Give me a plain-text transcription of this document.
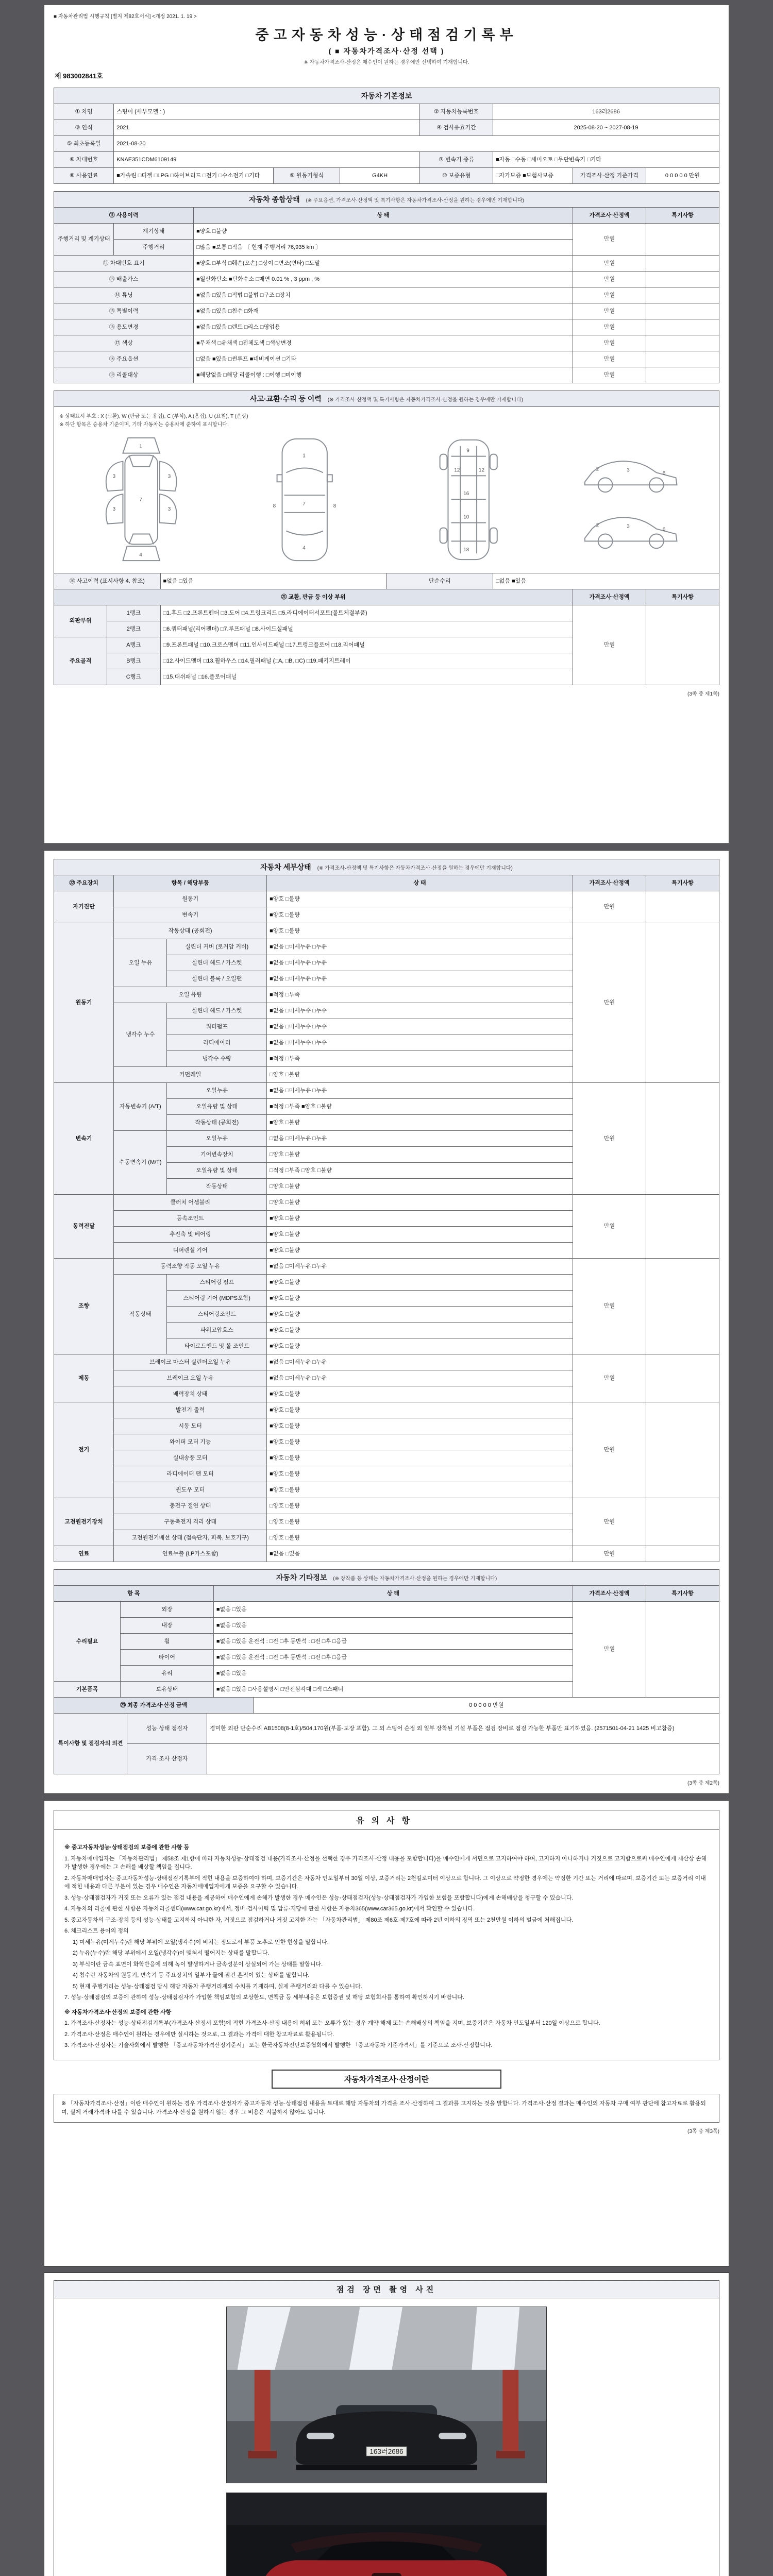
■ 자동차관리법 시행규칙 [별지 제82호서식] <개정 2021. 1. 19.>
중고자동차성능·상태점검기록부
( ■ 자동차가격조사·산정 선택 )
※ 자동차가격조사·산정은 매수인이 원하는 경우에만 선택하여 기재합니다.
제 983002841호
자동차 기본정보
① 차명	스팅어 (세부모델 : )			② 자동차등록번호	163러2686		
③ 연식	2021			④ 검사유효기간	2025-08-20 ~ 2027-08-19		
⑤ 최초등록일	2021-08-20						
⑥ 차대번호	KNAE351CDM6109149			⑦ 변속기 종류	■자동 □수동 □세미오토 □무단변속기 □기타		
⑧ 사용연료	■가솔린 □디젤 □LPG □하이브리드 □전기 □수소전기 □기타	⑨ 원동기형식	G4KH	⑩ 보증유형	□자가보증 ■보험사보증	가격조사·산정 기준가격	0 0 0 0 0 만원
자동차 종합상태 (※ 주요옵션, 가격조사·산정액 및 특기사항은 자동차가격조사·산정을 원하는 경우에만 기재합니다)
⑪ 사용이력		상 태	가격조사·산정액	특기사항
주행거리 및 계기상태	계기상태	■양호 □불량	만원	
	주행거리	□많음 ■보통 □적음 〔 현재 주행거리 76,935 km 〕		
⑫ 차대번호 표기		■양호 □부식 □훼손(오손) □상이 □변조(변타) □도말	만원	
⑬ 배출가스		■일산화탄소 ■탄화수소 □매연 0.01 % , 3 ppm , %	만원	
⑭ 튜닝		■없음 □있음 □적법 □불법 □구조 □장치	만원	
⑮ 특별이력		■없음 □있음 □침수 □화재	만원	
⑯ 용도변경		■없음 □있음 □렌트 □리스 □영업용	만원	
⑰ 색상		■무채색 □유채색 □전체도색 □색상변경	만원	
⑱ 주요옵션		□없음 ■있음 □썬루프 ■네비게이션 □기타	만원	
⑲ 리콜대상		■해당없음 □해당 리콜이행 : □이행 □미이행	만원	
사고·교환·수리 등 이력 (※ 가격조사·산정액 및 특기사항은 자동차가격조사·산정을 원하는 경우에만 기재합니다)
※ 상태표시 부호 : X (교환), W (판금 또는 용접), C (부식), A (흠집), U (요철), T (손상)
※ 하단 항목은 승용차 기준이며, 기타 자동차는 승용차에 준하여 표시합니다.
1
3	3
3	3
4
7
1
7
4
8	8
9
12	12
16
10
18
3
2
6
3
2
6
⑳ 사고이력 (표시사항 4. 참조)	■없음 □있음	단순수리	□없음 ■있음
㉑ 교환, 판금 등 이상 부위			가격조사·산정액	특기사항
외판부위	1랭크	□1.후드 □2.프론트펜더 □3.도어 □4.트렁크리드 □5.라디에이터서포트(볼트체결부품)	만원	
	2랭크	□6.쿼터패널(리어펜더) □7.루프패널 □8.사이드실패널		
주요골격	A랭크	□9.프론트패널 □10.크로스멤버 □11.인사이드패널 □17.트렁크플로어 □18.리어패널		
	B랭크	□12.사이드멤버 □13.휠하우스 □14.필러패널 (□A, □B, □C) □19.패키지트레이		
	C랭크	□15.대쉬패널 □16.플로어패널		
(3쪽 중 제1쪽)
자동차 세부상태 (※ 가격조사·산정액 및 특기사항은 자동차가격조사·산정을 원하는 경우에만 기재합니다)
㉒ 주요장치	항목 / 해당부품		상 태	가격조사·산정액	특기사항
자기진단	원동기		■양호 □불량	만원	
	변속기		■양호 □불량		
원동기	작동상태 (공회전)		■양호 □불량	만원	
	오일 누유	실린더 커버 (로커암 커버)	■없음 □미세누유 □누유		
		실린더 헤드 / 가스켓	■없음 □미세누유 □누유		
		실린더 블록 / 오일팬	■없음 □미세누유 □누유		
	오일 유량		■적정 □부족		
	냉각수 누수	실린더 헤드 / 가스켓	■없음 □미세누수 □누수		
		워터펌프	■없음 □미세누수 □누수		
		라디에이터	■없음 □미세누수 □누수		
		냉각수 수량	■적정 □부족		
	커먼레일		□양호 □불량		
변속기	자동변속기 (A/T)	오일누유	■없음 □미세누유 □누유	만원	
		오일유량 및 상태	■적정 □부족 ■양호 □불량		
		작동상태 (공회전)	■양호 □불량		
	수동변속기 (M/T)	오일누유	□없음 □미세누유 □누유		
		기어변속장치	□양호 □불량		
		오일유량 및 상태	□적정 □부족 □양호 □불량		
		작동상태	□양호 □불량		
동력전달	클러치 어셈블리		□양호 □불량	만원	
	등속조인트		■양호 □불량		
	추진축 및 베어링		■양호 □불량		
	디퍼렌셜 기어		■양호 □불량		
조향	동력조향 작동 오일 누유		■없음 □미세누유 □누유	만원	
	작동상태	스티어링 펌프	■양호 □불량		
		스티어링 기어 (MDPS포함)	■양호 □불량		
		스티어링조인트	■양호 □불량		
		파워고압호스	■양호 □불량		
		타이로드엔드 및 볼 조인트	■양호 □불량		
제동	브레이크 마스터 실린더오일 누유		■없음 □미세누유 □누유	만원	
	브레이크 오일 누유		■없음 □미세누유 □누유		
	배력장치 상태		■양호 □불량		
전기	발전기 출력		■양호 □불량	만원	
	시동 모터		■양호 □불량		
	와이퍼 모터 기능		■양호 □불량		
	실내송풍 모터		■양호 □불량		
	라디에이터 팬 모터		■양호 □불량		
	윈도우 모터		■양호 □불량		
고전원전기장치	충전구 절연 상태		□양호 □불량	만원	
	구동축전지 격리 상태		□양호 □불량		
	고전원전기배선 상태 (접속단자, 피복, 보호기구)		□양호 □불량		
연료	연료누출 (LP가스포함)		■없음 □있음	만원	
자동차 기타정보 (※ 장착품 등 상태는 자동차가격조사·산정을 원하는 경우에만 기재합니다)
항 목		상 태	가격조사·산정액	특기사항
수리필요	외장	■없음 □있음	만원	
	내장	■없음 □있음		
	휠	■없음 □있음 운전석 : □전 □후 동반석 : □전 □후 □응급		
	타이어	■없음 □있음 운전석 : □전 □후 동반석 : □전 □후 □응급		
	유리	■없음 □있음		
기본품목	보유상태	■없음 □있음 □사용설명서 □안전삼각대 □잭 □스패너		
㉓ 최종 가격조사·산정 금액	0 0 0 0 0 만원
특이사항 및 점검자의 의견	성능·상태 점검자	경미한 외판 단순수리 AB1508(8-1호)/504,170원(부품·도장 포함). 그 외 스팅어 순정 외 일부 장착된 기설 부품은 점검 장비로 점검 가능한 부품만 표기하였음. (2571501-04-21 1425 비고참증)
	가격·조사 산정자	
(3쪽 중 제2쪽)
유의사항
※ 중고자동차성능·상태점검의 보증에 관한 사항 등
1. 자동차매매업자는 「자동차관리법」 제58조 제1항에 따라 자동차성능·상태점검 내용(가격조사·산정을 선택한 경우 가격조사·산정 내용을 포함합니다)을 매수인에게 서면으로 고지하여야 하며, 고지하지 아니하거나 거짓으로 고지함으로써 매수인에게 재산상 손해가 발생한 경우에는 그 손해를 배상할 책임을 집니다.
2. 자동차매매업자는 중고자동차성능·상태점검기록부에 적힌 내용을 보증하여야 하며, 보증기간은 자동차 인도일부터 30일 이상, 보증거리는 2천킬로미터 이상으로 합니다. 그 이상으로 약정한 경우에는 약정한 기간 또는 거리에 따르며, 보증기간 또는 보증거리 이내에 적힌 내용과 다른 부분이 있는 경우 매수인은 자동차매매업자에게 보증을 요구할 수 있습니다.
3. 성능·상태점검자가 거짓 또는 오류가 있는 점검 내용을 제공하여 매수인에게 손해가 발생한 경우 매수인은 성능·상태점검자(성능·상태점검자가 가입한 보험을 포함합니다)에게 손해배상을 청구할 수 있습니다.
4. 자동차의 리콜에 관한 사항은 자동차리콜센터(www.car.go.kr)에서, 정비·검사이력 및 압류·저당에 관한 사항은 자동차365(www.car365.go.kr)에서 확인할 수 있습니다.
5. 중고자동차의 구조·장치 등의 성능·상태를 고지하지 아니한 자, 거짓으로 점검하거나 거짓 고지한 자는 「자동차관리법」 제80조 제6호·제7호에 따라 2년 이하의 징역 또는 2천만원 이하의 벌금에 처해집니다.
6. 체크리스트 용어의 정의
1) 미세누유(미세누수)란 해당 부위에 오일(냉각수)이 비치는 정도로서 부품 노후로 인한 현상을 말합니다.
2) 누유(누수)란 해당 부위에서 오일(냉각수)이 맺혀서 떨어지는 상태를 말합니다.
3) 부식이란 금속 표면이 화학반응에 의해 녹이 발생하거나 금속성분이 상실되어 가는 상태를 말합니다.
4) 침수란 자동차의 원동기, 변속기 등 주요장치의 일부가 물에 잠긴 흔적이 있는 상태를 말합니다.
5) 현재 주행거리는 성능·상태점검 당시 해당 자동차 주행거리계의 수치를 기재하며, 실제 주행거리와 다를 수 있습니다.
7. 성능·상태점검의 보증에 관하여 성능·상태점검자가 가입한 책임보험의 보상한도, 면책금 등 세부내용은 보험증권 및 해당 보험회사를 통하여 확인하시기 바랍니다.
※ 자동차가격조사·산정의 보증에 관한 사항
1. 가격조사·산정자는 성능·상태점검기록부(가격조사·산정서 포함)에 적힌 가격조사·산정 내용에 허위 또는 오류가 있는 경우 계약 해제 또는 손해배상의 책임을 지며, 보증기간은 자동차 인도일부터 120일 이상으로 합니다.
2. 가격조사·산정은 매수인이 원하는 경우에만 실시하는 것으로, 그 결과는 가격에 대한 참고자료로 활용됩니다.
3. 가격조사·산정자는 기술사회에서 발행한 「중고자동차가격산정기준서」 또는 한국자동차진단보증협회에서 발행한 「중고자동차 기준가격서」를 기준으로 조사·산정합니다.
자동차가격조사·산정이란
※ 「자동차가격조사·산정」이란 매수인이 원하는 경우 가격조사·산정자가 중고자동차 성능·상태점검 내용을 토대로 해당 자동차의 가격을 조사·산정하여 그 결과를 고지하는 것을 말합니다. 가격조사·산정 결과는 매수인의 자동차 구매 여부 판단에 참고자료로 활용되며, 실제 거래가격과 다를 수 있습니다. 가격조사·산정을 원하지 않는 경우 그 비용은 지불하지 않아도 됩니다.
(3쪽 중 제3쪽)
점검 장면 촬영 사진
163러2686
